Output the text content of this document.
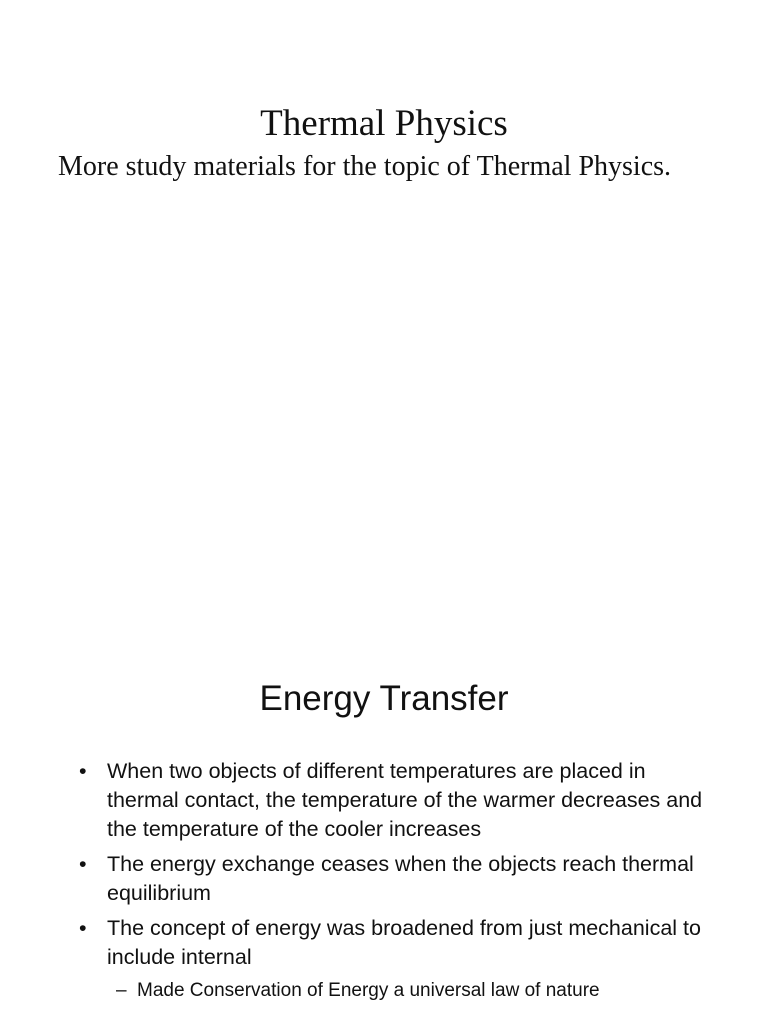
Thermal Physics

More study materials for the topic of Thermal Physics.

Energy Transfer
• When two objects of different temperatures are placed in thermal contact, the temperature of the warmer decreases and the temperature of the cooler increases
• The energy exchange ceases when the objects reach thermal equilibrium
• The concept of energy was broadened from just mechanical to include internal
– Made Conservation of Energy a universal law of nature
